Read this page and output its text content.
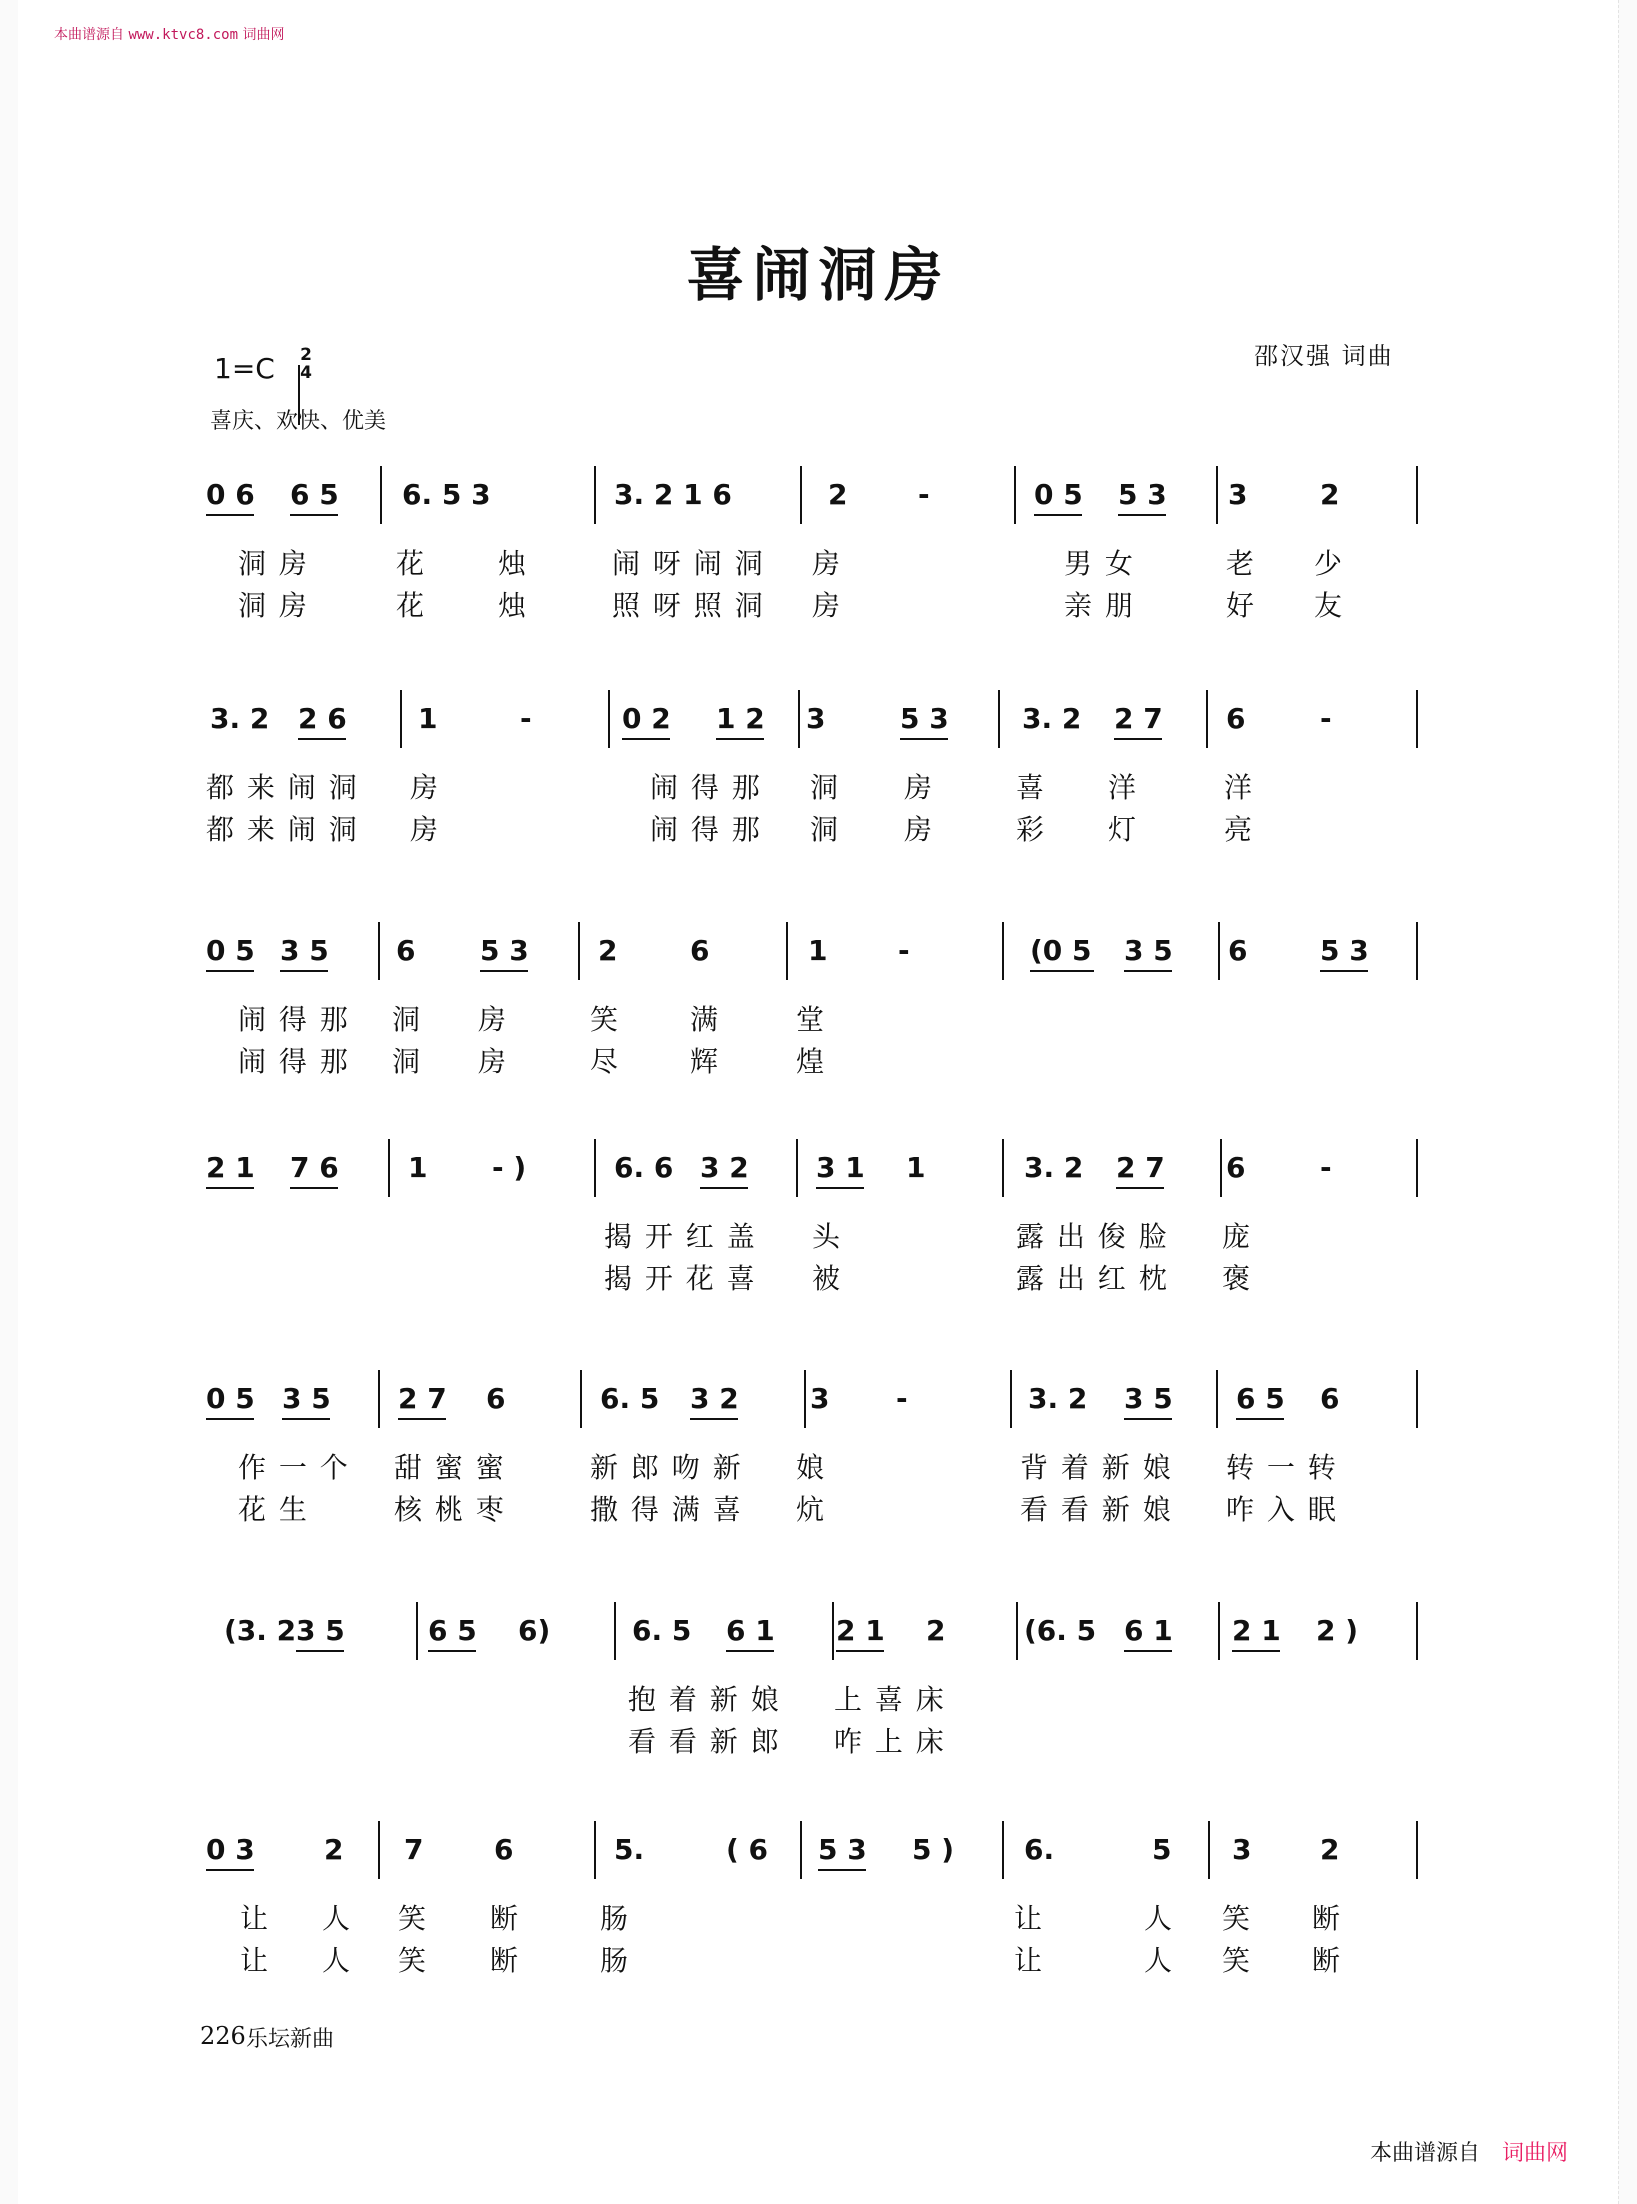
本曲谱源自 www.ktvc8.com 词曲网
喜闹洞房
1=C 2
4
喜庆、欢快、优美
邵汉强 词曲
0 6 6 5 6. 5 3	3. 2 1 6	2	-	0 5 5 3 3	2
洞 房	花	烛	闹 呀 闹 洞 房	男 女	老 少
洞 房	花	烛	照 呀 照 洞 房	亲 朋	好 友
3. 2 2 6	1	-	0 2 1 2 3	5 3	3. 2 2 7 6	-
都 来 闹 洞 房	闹 得 那 洞 房	喜 洋	洋
都 来 闹 洞 房	闹 得 那 洞 房	彩 灯	亮
0 5 3 5 6 5 3 2	6	1	-	(0 5 3 5 6	5 3
闹 得 那 洞 房	笑 满	堂
闹 得 那 洞 房	尽 辉	煌
2 1 7 6 1 - )	6. 6 3 2 3 1 1	3. 2 2 7 6	-
揭 开 红 盖 头	露 出 俊 脸 庞
揭 开 花 喜 被	露 出 红 枕 褒
0 5 3 5 2 7 6	6. 5 3 2	3 -	3. 2 3 5 6 5 6
作 一 个 甜 蜜 蜜	新 郎 吻 新 娘	背 着 新 娘 转 一 转
花 生	核 桃 枣	撒 得 满 喜 炕	看 看 新 娘 咋 入 眠
(3. 2 3 5	6 5 6)	6. 5 6 1 2 1 2	(6. 5 6 1 2 1 2 )
抱 着 新 娘 上 喜 床
看 看 新 郎 咋 上 床
0 3 2 7	6	5.	( 6 5 3 5 ) 6.	5 3 2
让 人 笑 断	肠	让	人 笑 断
让 人 笑 断	肠	让	人 笑 断
226 乐坛新曲
本曲谱源自 词曲网
